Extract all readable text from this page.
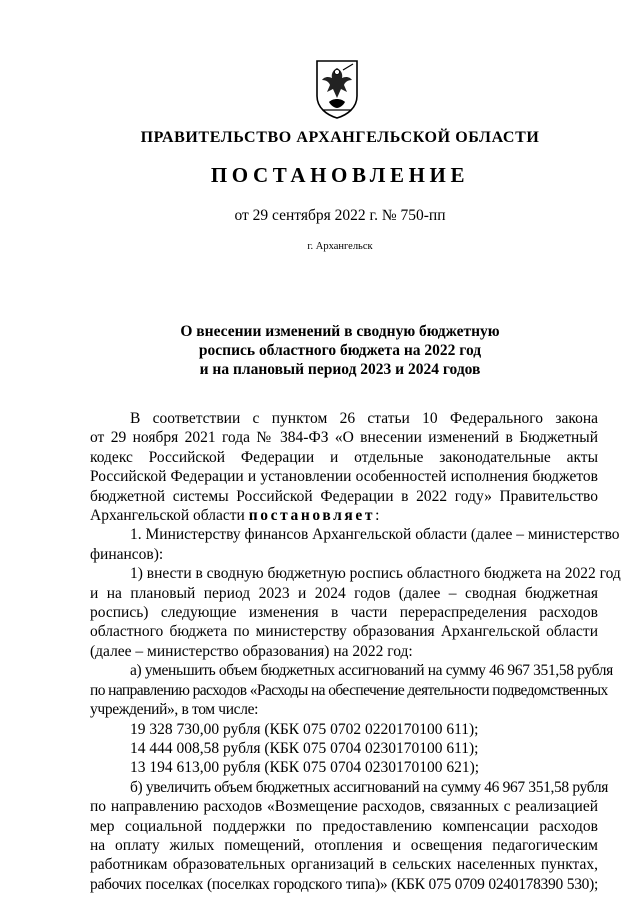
ПРАВИТЕЛЬСТВО АРХАНГЕЛЬСКОЙ ОБЛАСТИ
ПОСТАНОВЛЕНИЕ
от 29 сентября 2022 г. № 750-пп
г. Архангельск
О внесении изменений в сводную бюджетную
роспись областного бюджета на 2022 год
и на плановый период 2023 и 2024 годов

В соответствии с пунктом 26 статьи 10 Федерального закона
от 29 ноября 2021 года № 384-ФЗ «О внесении изменений в Бюджетный
кодекс Российской Федерации и отдельные законодательные акты
Российской Федерации и установлении особенностей исполнения бюджетов
бюджетной системы Российской Федерации в 2022 году» Правительство
Архангельской области постановляет:

1. Министерству финансов Архангельской области (далее – министерство
финансов):

1) внести в сводную бюджетную роспись областного бюджета на 2022 год
и на плановый период 2023 и 2024 годов (далее – сводная бюджетная
роспись) следующие изменения в части перераспределения расходов
областного бюджета по министерству образования Архангельской области
(далее – министерство образования) на 2022 год:

а) уменьшить объем бюджетных ассигнований на сумму 46 967 351,58 рубля
по направлению расходов «Расходы на обеспечение деятельности подведомственных
учреждений», в том числе:

19 328 730,00 рубля (КБК 075 0702 0220170100 611);

14 444 008,58 рубля (КБК 075 0704 0230170100 611);

13 194 613,00 рубля (КБК 075 0704 0230170100 621);

б) увеличить объем бюджетных ассигнований на сумму 46 967 351,58 рубля
по направлению расходов «Возмещение расходов, связанных с реализацией
мер социальной поддержки по предоставлению компенсации расходов
на оплату жилых помещений, отопления и освещения педагогическим
работникам образовательных организаций в сельских населенных пунктах,
рабочих поселках (поселках городского типа)» (КБК 075 0709 0240178390 530);
